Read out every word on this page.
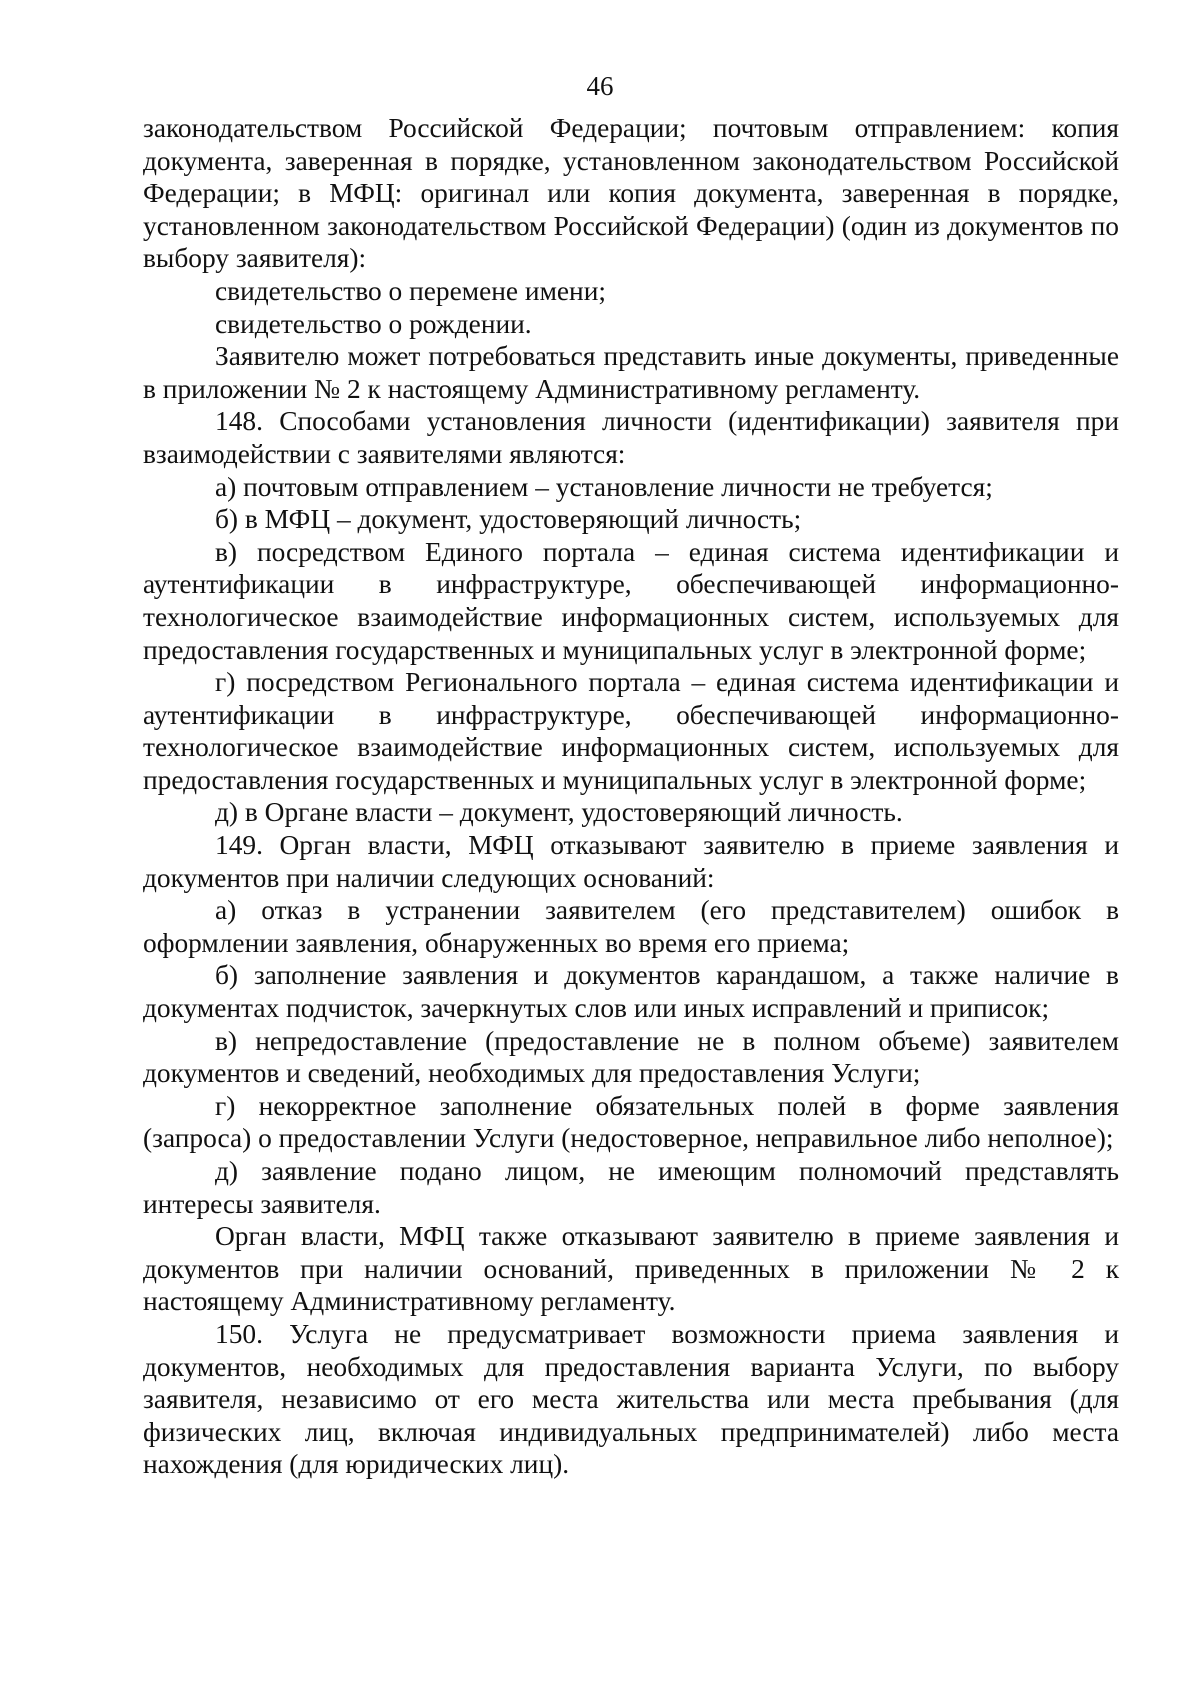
46

законодательством Российской Федерации; почтовым отправлением: копия документа, заверенная в порядке, установленном законодательством Российской Федерации; в МФЦ: оригинал или копия документа, заверенная в порядке, установленном законодательством Российской Федерации) (один из документов по выбору заявителя):

свидетельство о перемене имени;

свидетельство о рождении.

Заявителю может потребоваться представить иные документы, приведенные в приложении № 2 к настоящему Административному регламенту.

148. Способами установления личности (идентификации) заявителя при взаимодействии с заявителями являются:

а) почтовым отправлением – установление личности не требуется;

б) в МФЦ – документ, удостоверяющий личность;

в) посредством Единого портала – единая система идентификации и аутентификации в инфраструктуре, обеспечивающей информационно-технологическое взаимодействие информационных систем, используемых для предоставления государственных и муниципальных услуг в электронной форме;

г) посредством Регионального портала – единая система идентификации и аутентификации в инфраструктуре, обеспечивающей информационно-технологическое взаимодействие информационных систем, используемых для предоставления государственных и муниципальных услуг в электронной форме;

д) в Органе власти – документ, удостоверяющий личность.

149. Орган власти, МФЦ отказывают заявителю в приеме заявления и документов при наличии следующих оснований:

а) отказ в устранении заявителем (его представителем) ошибок в оформлении заявления, обнаруженных во время его приема;

б) заполнение заявления и документов карандашом, а также наличие в документах подчисток, зачеркнутых слов или иных исправлений и приписок;

в) непредоставление (предоставление не в полном объеме) заявителем документов и сведений, необходимых для предоставления Услуги;

г) некорректное заполнение обязательных полей в форме заявления (запроса) о предоставлении Услуги (недостоверное, неправильное либо неполное);

д) заявление подано лицом, не имеющим полномочий представлять интересы заявителя.

Орган власти, МФЦ также отказывают заявителю в приеме заявления и документов при наличии оснований, приведенных в приложении № 2 к настоящему Административному регламенту.

150. Услуга не предусматривает возможности приема заявления и документов, необходимых для предоставления варианта Услуги, по выбору заявителя, независимо от его места жительства или места пребывания (для физических лиц, включая индивидуальных предпринимателей) либо места нахождения (для юридических лиц).
